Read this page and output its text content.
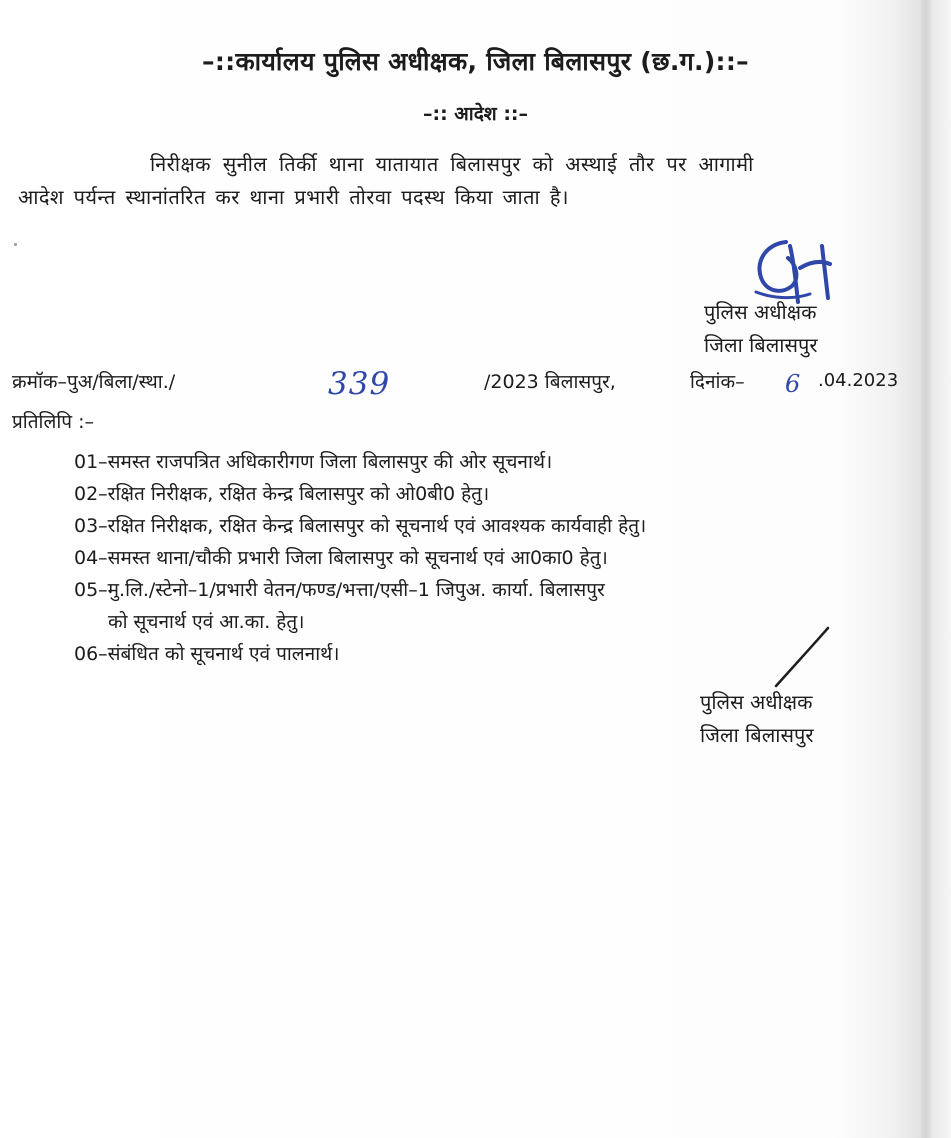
–::कार्यालय पुलिस अधीक्षक, जिला बिलासपुर (छ.ग.)::–
–:: आदेश ::–
निरीक्षक सुनील तिर्की थाना यातायात बिलासपुर को अस्थाई तौर पर आगामी
आदेश पर्यन्त स्थानांतरित कर थाना प्रभारी तोरवा पदस्थ किया जाता है।
पुलिस अधीक्षक
जिला बिलासपुर
क्रमॉक–पुअ/बिला/स्था./	339	/2023 बिलासपुर,	दिनांक– 6 .04.2023
प्रतिलिपि :–
01–समस्त राजपत्रित अधिकारीगण जिला बिलासपुर की ओर सूचनार्थ।
02–रक्षित निरीक्षक, रक्षित केन्द्र बिलासपुर को ओ0बी0 हेतु।
03–रक्षित निरीक्षक, रक्षित केन्द्र बिलासपुर को सूचनार्थ एवं आवश्यक कार्यवाही हेतु।
04–समस्त थाना/चौकी प्रभारी जिला बिलासपुर को सूचनार्थ एवं आ0का0 हेतु।
05–मु.लि./स्टेनो–1/प्रभारी वेतन/फण्ड/भत्ता/एसी–1 जिपुअ. कार्या. बिलासपुर
को सूचनार्थ एवं आ.का. हेतु।
06–संबंधित को सूचनार्थ एवं पालनार्थ।
पुलिस अधीक्षक
जिला बिलासपुर
